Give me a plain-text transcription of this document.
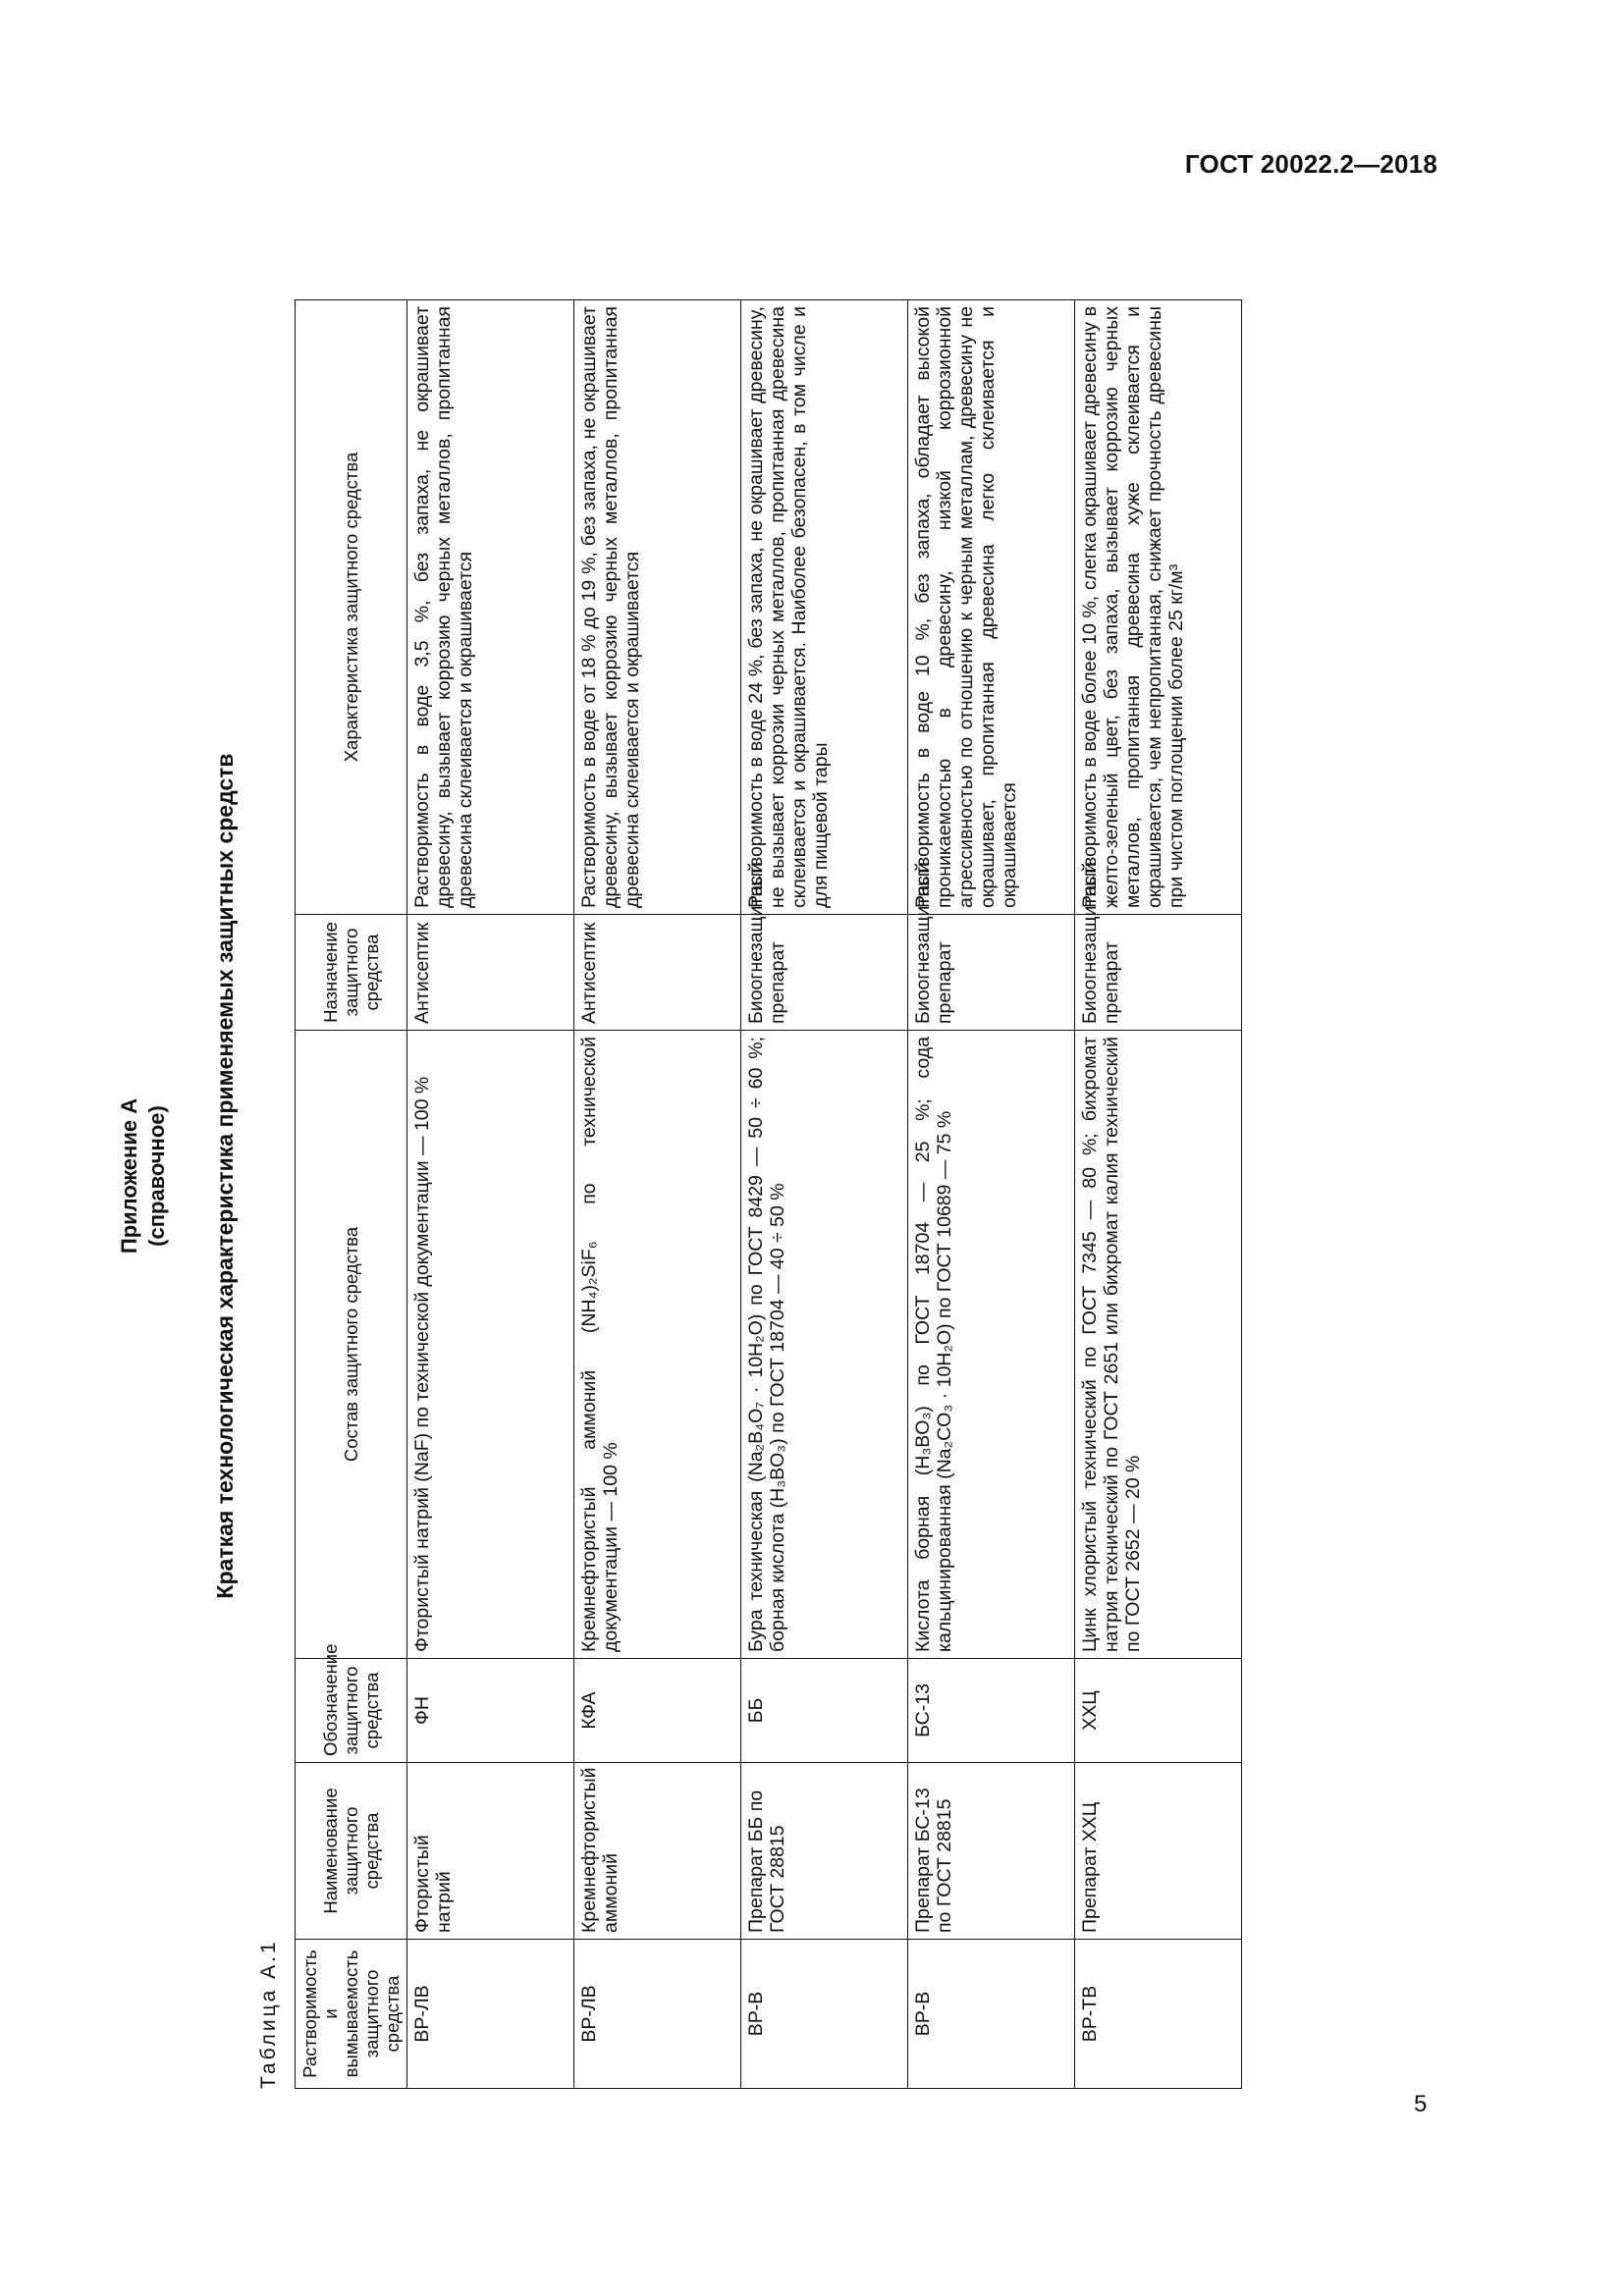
ГОСТ 20022.2—2018
Приложение А (справочное) Краткая технологическая характеристика применяемых защитных средств
Таблица А.1 Растворимость и вымываемость защитного средства	Наименование защитного средства	Обозначение защитного средства	Состав защитного средства	Назначение защитного средства	Характеристика защитного средства
ВР-ЛВ	Фтористый натрий	ФН	Фтористый натрий (NaF) по технической документации — 100 %	Антисептик	Растворимость в воде 3,5 %, без запаха, не окрашивает древесину, вызывает коррозию черных металлов, пропитанная древесина склеивается и окрашивается
ВР-ЛВ	Кремнефтористый аммоний	КФА	Кремнефтористый аммоний (NH₄)₂SiF₆ по технической документации — 100 %	Антисептик	Растворимость в воде от 18 % до 19 %, без запаха, не окрашивает древесину, вызывает коррозию черных металлов, пропитанная древесина склеивается и окрашивается
ВР-В	Препарат ББ по ГОСТ 28815	ББ	Бура техническая (Na₂B₄O₇ · 10H₂O) по ГОСТ 8429 — 50 ÷ 60 %; борная кислота (H₃BO₃) по ГОСТ 18704 — 40 ÷ 50 %	Биоогнезащитный препарат	Растворимость в воде 24 %, без запаха, не окрашивает древесину, не вызывает коррозии черных металлов, пропитанная древесина склеивается и окрашивается. Наиболее безопасен, в том числе и для пищевой тары
ВР-В	Препарат БС-13 по ГОСТ 28815	БС-13	Кислота борная (H₃BO₃) по ГОСТ 18704 — 25 %; сода кальцинированная (Na₂CO₃ · 10H₂O) по ГОСТ 10689 — 75 %	Биоогнезащитный препарат	Растворимость в воде 10 %, без запаха, обладает высокой проникаемостью в древесину, низкой коррозионной агрессивностью по отношению к черным металлам, древесину не окрашивает, пропитанная древесина легко склеивается и окрашивается
ВР-ТВ	Препарат ХХЦ	ХХЦ	Цинк хлористый технический по ГОСТ 7345 — 80 %; бихромат натрия технический по ГОСТ 2651 или бихромат калия технический по ГОСТ 2652 — 20 %	Биоогнезащитный препарат	Растворимость в воде более 10 %, слегка окрашивает древесину в желто-зеленый цвет, без запаха, вызывает коррозию черных металлов, пропитанная древесина хуже склеивается и окрашивается, чем непропитанная, снижает прочность древесины при чистом поглощении более 25 кг/м³
5
